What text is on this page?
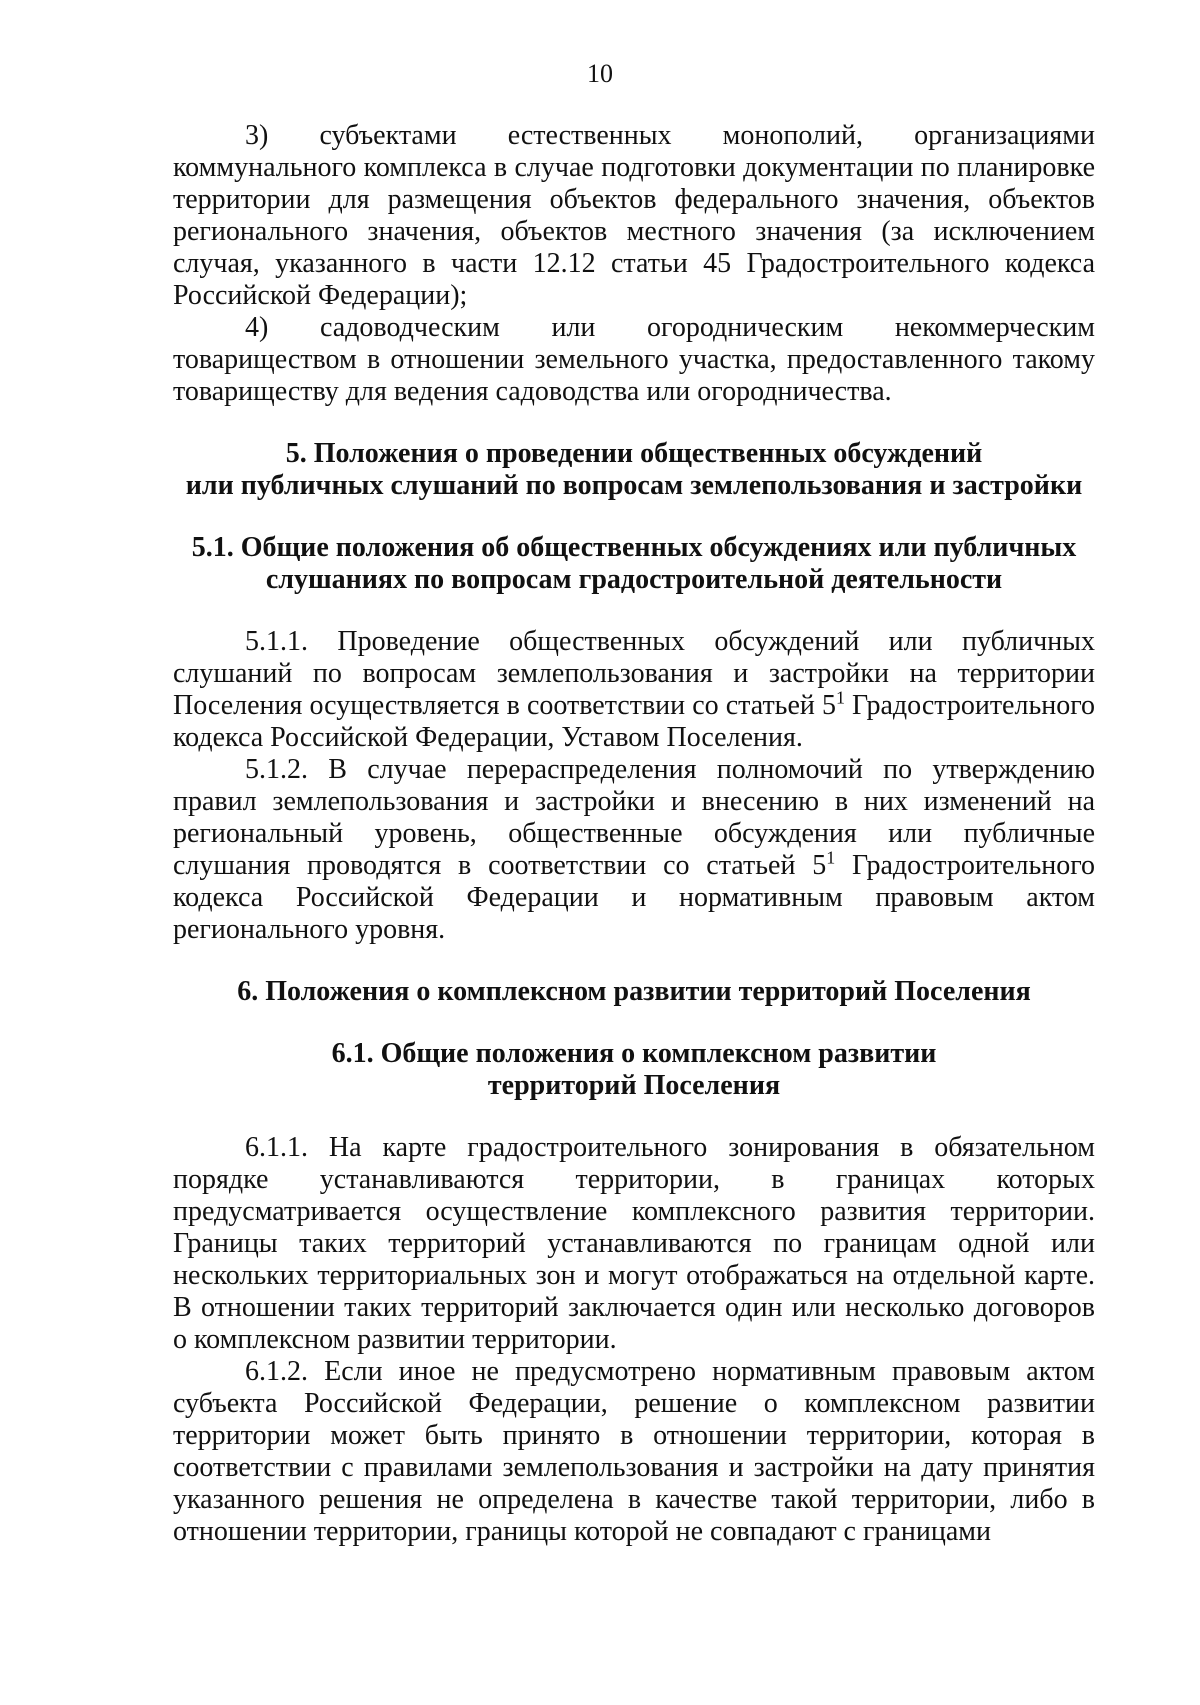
10

3) субъектами естественных монополий, организациями коммунального комплекса в случае подготовки документации по планировке территории для размещения объектов федерального значения, объектов регионального значения, объектов местного значения (за исключением случая, указанного в части 12.12 статьи 45 Градостроительного кодекса Российской Федерации);

4) садоводческим или огородническим некоммерческим товариществом в отношении земельного участка, предоставленного такому товариществу для ведения садоводства или огородничества.

5. Положения о проведении общественных обсуждений
или публичных слушаний по вопросам землепользования и застройки

5.1. Общие положения об общественных обсуждениях или публичных
слушаниях по вопросам градостроительной деятельности

5.1.1. Проведение общественных обсуждений или публичных слушаний по вопросам землепользования и застройки на территории Поселения осуществляется в соответствии со статьей $5^1$ Градостроительного кодекса Российской Федерации, Уставом Поселения.

5.1.2. В случае перераспределения полномочий по утверждению правил землепользования и застройки и внесению в них изменений на региональный уровень, общественные обсуждения или публичные слушания проводятся в соответствии со статьей $5^1$ Градостроительного кодекса Российской Федерации и нормативным правовым актом регионального уровня.

6. Положения о комплексном развитии территорий Поселения

6.1. Общие положения о комплексном развитии
территорий Поселения

6.1.1. На карте градостроительного зонирования в обязательном порядке устанавливаются территории, в границах которых предусматривается осуществление комплексного развития территории. Границы таких территорий устанавливаются по границам одной или нескольких территориальных зон и могут отображаться на отдельной карте. В отношении таких территорий заключается один или несколько договоров о комплексном развитии территории.

6.1.2. Если иное не предусмотрено нормативным правовым актом субъекта Российской Федерации, решение о комплексном развитии территории может быть принято в отношении территории, которая в соответствии с правилами землепользования и застройки на дату принятия указанного решения не определена в качестве такой территории, либо в отношении территории, границы которой не совпадают с границами
